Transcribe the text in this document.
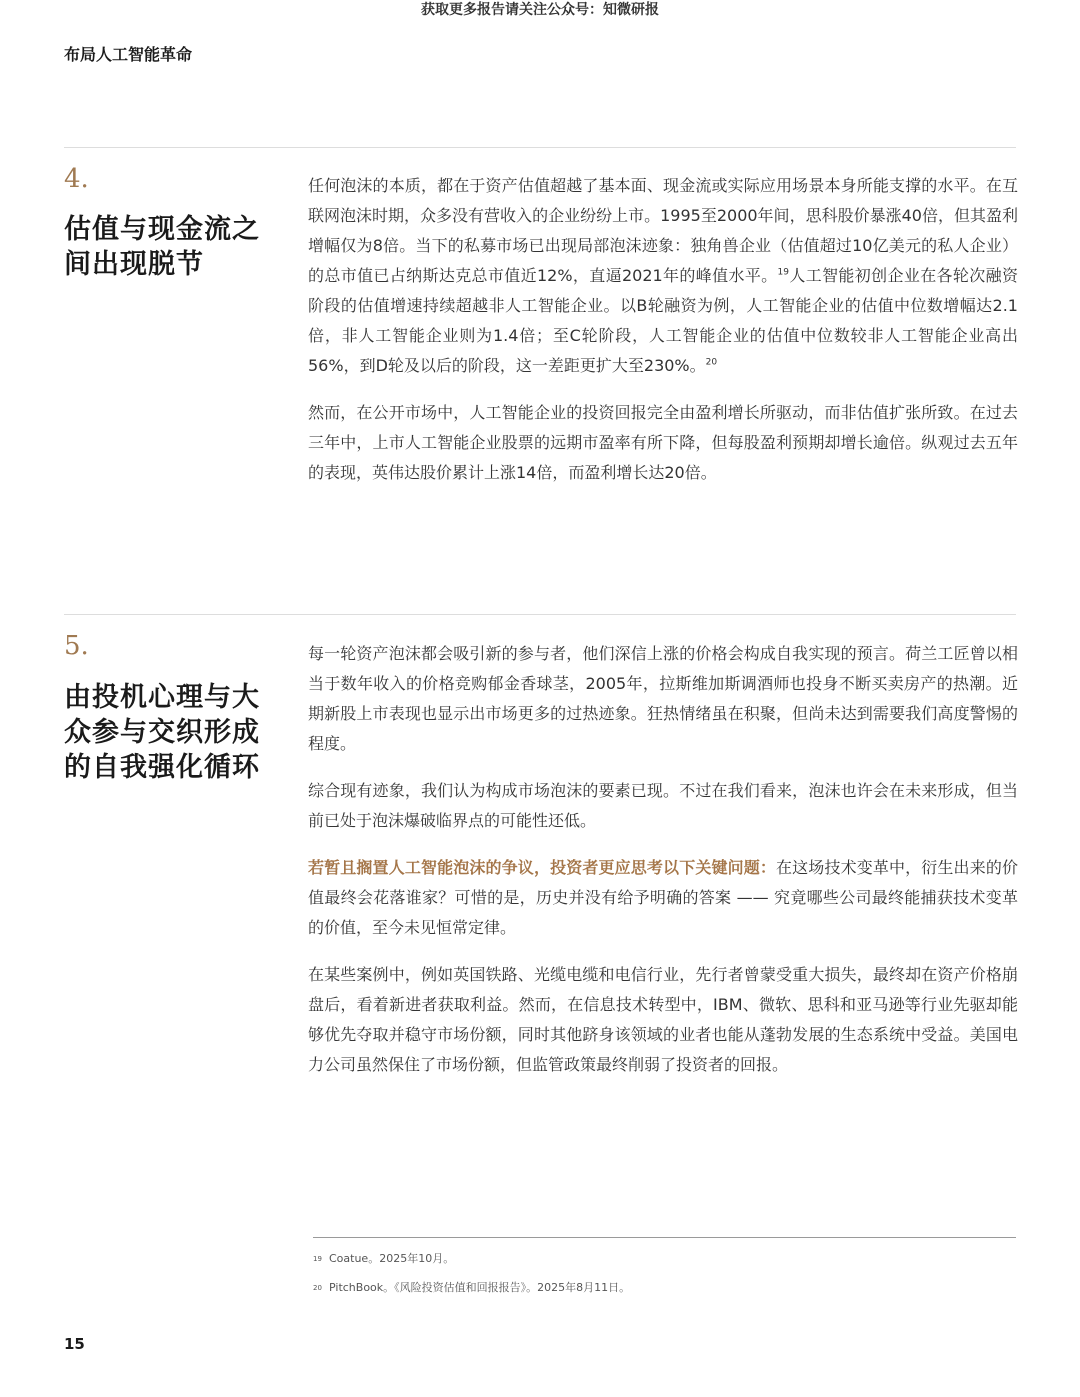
获取更多报告请关注公众号：知微研报
布局人工智能革命
4.
估值与现金流之间出现脱节

任何泡沫的本质，都在于资产估值超越了基本面、现金流或实际应用场景本身所能支撑的水平。在互联网泡沫时期，众多没有营收入的企业纷纷上市。1995至2000年间，思科股价暴涨40倍，但其盈利增幅仅为8倍。当下的私募市场已出现局部泡沫迹象：独角兽企业（估值超过10亿美元的私人企业）的总市值已占纳斯达克总市值近12%，直逼2021年的峰值水平。$^{19}$人工智能初创企业在各轮次融资阶段的估值增速持续超越非人工智能企业。以B轮融资为例，人工智能企业的估值中位数增幅达2.1倍，非人工智能企业则为1.4倍；至C轮阶段，人工智能企业的估值中位数较非人工智能企业高出56%，到D轮及以后的阶段，这一差距更扩大至230%。$^{20}$

然而，在公开市场中，人工智能企业的投资回报完全由盈利增长所驱动，而非估值扩张所致。在过去三年中，上市人工智能企业股票的远期市盈率有所下降，但每股盈利预期却增长逾倍。纵观过去五年的表现，英伟达股价累计上涨14倍，而盈利增长达20倍。

5.
由投机心理与大众参与交织形成的自我强化循环

每一轮资产泡沫都会吸引新的参与者，他们深信上涨的价格会构成自我实现的预言。荷兰工匠曾以相当于数年收入的价格竞购郁金香球茎，2005年，拉斯维加斯调酒师也投身不断买卖房产的热潮。近期新股上市表现也显示出市场更多的过热迹象。狂热情绪虽在积聚，但尚未达到需要我们高度警惕的程度。

综合现有迹象，我们认为构成市场泡沫的要素已现。不过在我们看来，泡沫也许会在未来形成，但当前已处于泡沫爆破临界点的可能性还低。

若暂且搁置人工智能泡沫的争议，投资者更应思考以下关键问题：在这场技术变革中，衍生出来的价值最终会花落谁家？可惜的是，历史并没有给予明确的答案 —— 究竟哪些公司最终能捕获技术变革的价值，至今未见恒常定律。

在某些案例中，例如英国铁路、光缆电缆和电信行业，先行者曾蒙受重大损失，最终却在资产价格崩盘后，看着新进者获取利益。然而，在信息技术转型中，IBM、微软、思科和亚马逊等行业先驱却能够优先夺取并稳守市场份额，同时其他跻身该领域的业者也能从蓬勃发展的生态系统中受益。美国电力公司虽然保住了市场份额，但监管政策最终削弱了投资者的回报。

19 Coatue。2025年10月。
20 PitchBook。《风险投资估值和回报报告》。2025年8月11日。
15
